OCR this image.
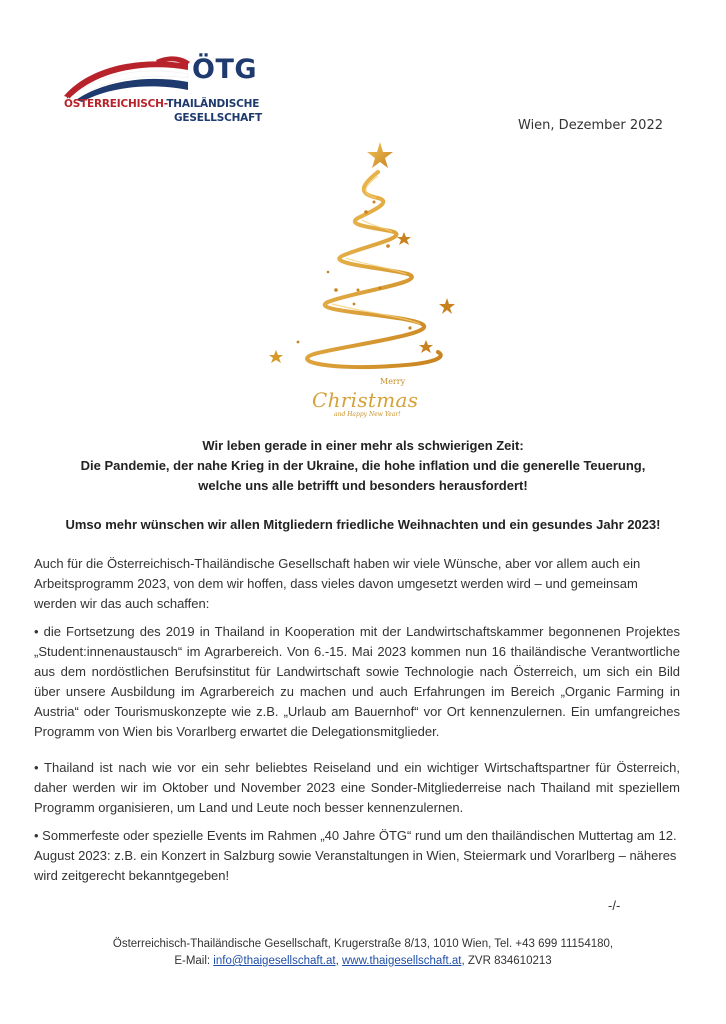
ÖTG
ÖSTERREICHISCH-THAILÄNDISCHE
GESELLSCHAFT	Wien, Dezember 2022
Merry
Christmas
and Happy New Year!
Wir leben gerade in einer mehr als schwierigen Zeit:
Die Pandemie, der nahe Krieg in der Ukraine, die hohe inflation und die generelle Teuerung,
welche uns alle betrifft und besonders herausfordert!
Umso mehr wünschen wir allen Mitgliedern friedliche Weihnachten und ein gesundes Jahr 2023!
Auch für die Österreichisch-Thailändische Gesellschaft haben wir viele Wünsche, aber vor allem auch ein Arbeitsprogramm 2023, von dem wir hoffen, dass vieles davon umgesetzt werden wird – und gemeinsam werden wir das auch schaffen:
• die Fortsetzung des 2019 in Thailand in Kooperation mit der Landwirtschaftskammer begonnenen Projektes „Student:innenaustausch“ im Agrarbereich. Von 6.-15. Mai 2023 kommen nun 16 thailändische Verantwortliche aus dem nordöstlichen Berufsinstitut für Landwirtschaft sowie Technologie nach Österreich, um sich ein Bild über unsere Ausbildung im Agrarbereich zu machen und auch Erfahrungen im Bereich „Organic Farming in Austria“ oder Tourismuskonzepte wie z.B. „Urlaub am Bauernhof“ vor Ort kennenzulernen. Ein umfangreiches Programm von Wien bis Vorarlberg erwartet die Delegationsmitglieder.
• Thailand ist nach wie vor ein sehr beliebtes Reiseland und ein wichtiger Wirtschaftspartner für Österreich, daher werden wir im Oktober und November 2023 eine Sonder-Mitgliederreise nach Thailand mit speziellem Programm organisieren, um Land und Leute noch besser kennenzulernen.
• Sommerfeste oder spezielle Events im Rahmen „40 Jahre ÖTG“ rund um den thailändischen Muttertag am 12. August 2023: z.B. ein Konzert in Salzburg sowie Veranstaltungen in Wien, Steiermark und Vorarlberg – näheres wird zeitgerecht bekanntgegeben!
-/-
Österreichisch-Thailändische Gesellschaft, Krugerstraße 8/13, 1010 Wien, Tel. +43 699 11154180,
E-Mail: info@thaigesellschaft.at, www.thaigesellschaft.at, ZVR 834610213
